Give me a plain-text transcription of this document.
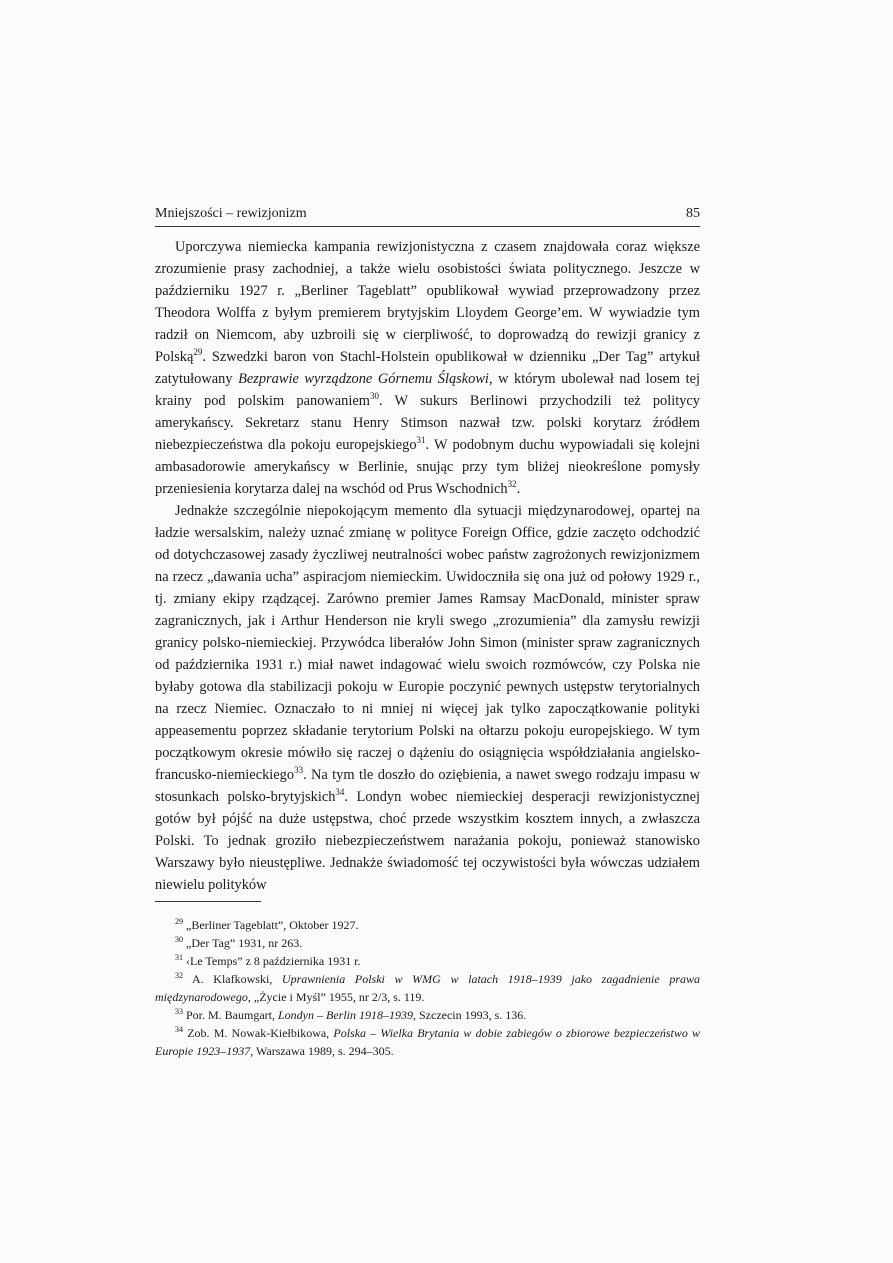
Mniejszości – rewizjonizm	85

Uporczywa niemiecka kampania rewizjonistyczna z czasem znajdowała coraz większe zrozumienie prasy zachodniej, a także wielu osobistości świata politycznego. Jeszcze w październiku 1927 r. „Berliner Tageblatt” opublikował wywiad przeprowadzony przez Theodora Wolffa z byłym premierem brytyjskim Lloydem George’em. W wywiadzie tym radził on Niemcom, aby uzbroili się w cierpliwość, to doprowadzą do rewizji granicy z Polską$^{29}$. Szwedzki baron von Stachl-Holstein opublikował w dzienniku „Der Tag” artykuł zatytułowany Bezprawie wyrządzone Górnemu Śląskowi, w którym ubolewał nad losem tej krainy pod polskim panowaniem$^{30}$. W sukurs Berlinowi przychodzili też politycy amerykańscy. Sekretarz stanu Henry Stimson nazwał tzw. polski korytarz źródłem niebezpieczeństwa dla pokoju europejskiego$^{31}$. W podobnym duchu wypowiadali się kolejni ambasadorowie amerykańscy w Berlinie, snując przy tym bliżej nieokreślone pomysły przeniesienia korytarza dalej na wschód od Prus Wschodnich$^{32}$.

Jednakże szczególnie niepokojącym memento dla sytuacji międzynarodowej, opartej na ładzie wersalskim, należy uznać zmianę w polityce Foreign Office, gdzie zaczęto odchodzić od dotychczasowej zasady życzliwej neutralności wobec państw zagrożonych rewizjonizmem na rzecz „dawania ucha” aspiracjom niemieckim. Uwidoczniła się ona już od połowy 1929 r., tj. zmiany ekipy rządzącej. Zarówno premier James Ramsay MacDonald, minister spraw zagranicznych, jak i Arthur Henderson nie kryli swego „zrozumienia” dla zamysłu rewizji granicy polsko-niemieckiej. Przywódca liberałów John Simon (minister spraw zagranicznych od października 1931 r.) miał nawet indagować wielu swoich rozmówców, czy Polska nie byłaby gotowa dla stabilizacji pokoju w Europie poczynić pewnych ustępstw terytorialnych na rzecz Niemiec. Oznaczało to ni mniej ni więcej jak tylko zapoczątkowanie polityki appeasementu poprzez składanie terytorium Polski na ołtarzu pokoju europejskiego. W tym początkowym okresie mówiło się raczej o dążeniu do osiągnięcia współdziałania angielsko-francusko-niemieckiego$^{33}$. Na tym tle doszło do oziębienia, a nawet swego rodzaju impasu w stosunkach polsko-brytyjskich$^{34}$. Londyn wobec niemieckiej desperacji rewizjonistycznej gotów był pójść na duże ustępstwa, choć przede wszystkim kosztem innych, a zwłaszcza Polski. To jednak groziło niebezpieczeństwem narażania pokoju, ponieważ stanowisko Warszawy było nieustępliwe. Jednakże świadomość tej oczywistości była wówczas udziałem niewielu polityków

$^{29}$ „Berliner Tageblatt”, Oktober 1927.

$^{30}$ „Der Tag” 1931, nr 263.

$^{31}$ ‹Le Temps” z 8 października 1931 r.

$^{32}$ A. Klafkowski, Uprawnienia Polski w WMG w latach 1918–1939 jako zagadnienie prawa międzynarodowego, „Życie i Myśl” 1955, nr 2/3, s. 119.

$^{33}$ Por. M. Baumgart, Londyn – Berlin 1918–1939, Szczecin 1993, s. 136.

$^{34}$ Zob. M. Nowak-Kiełbikowa, Polska – Wielka Brytania w dobie zabiegów o zbiorowe bezpieczeństwo w Europie 1923–1937, Warszawa 1989, s. 294–305.
